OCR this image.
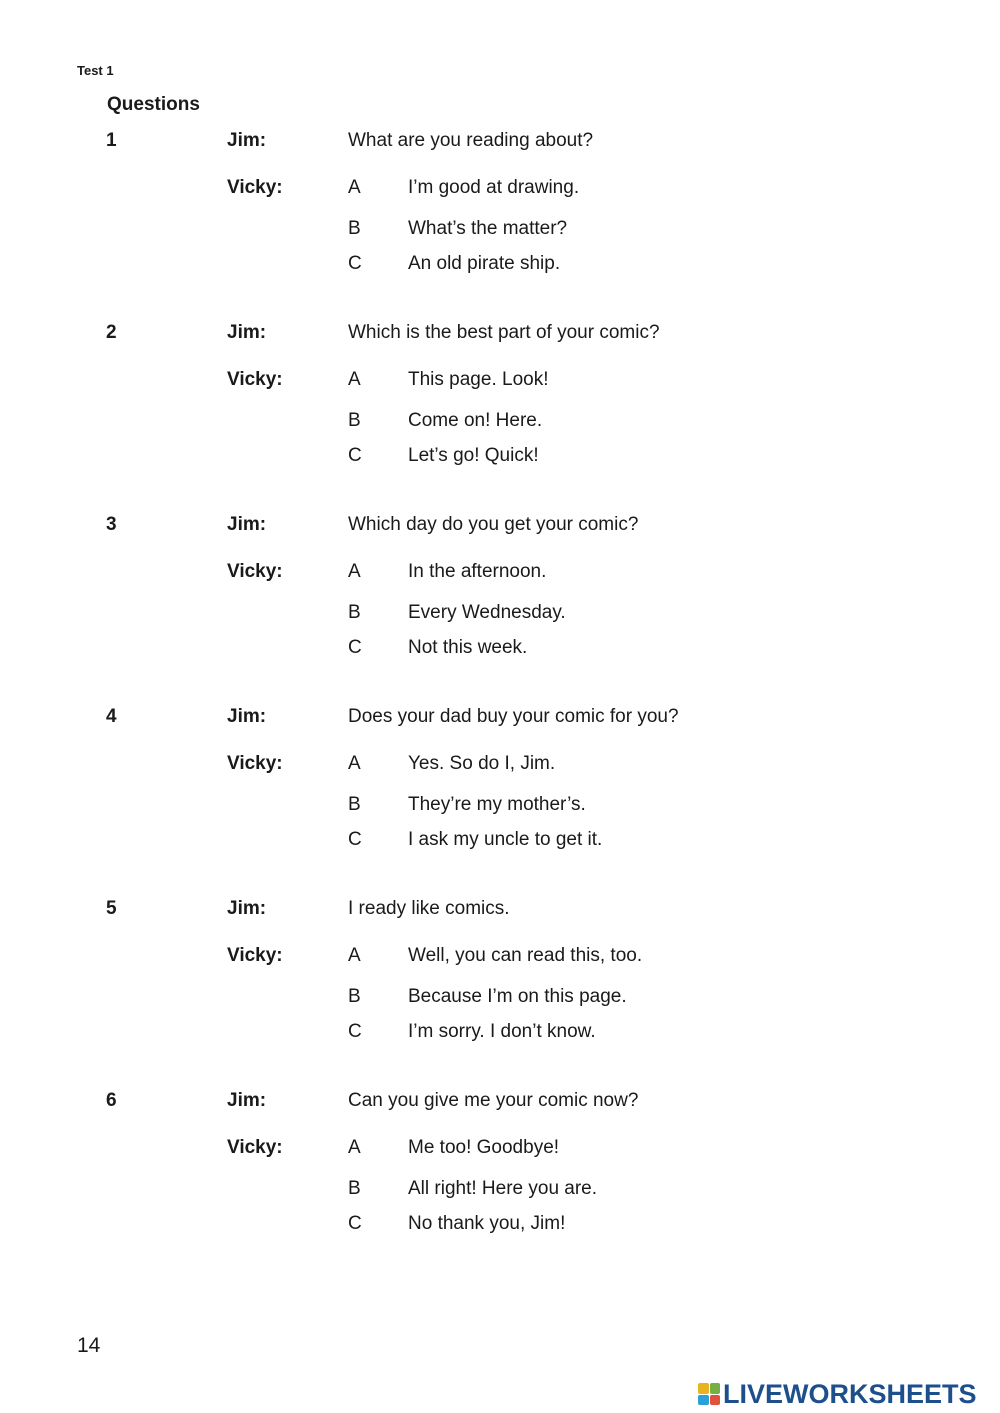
Test 1
Questions
1	Jim:	What are you reading about?
Vicky:	A I’m good at drawing.
B What’s the matter?
C An old pirate ship.
2	Jim:	Which is the best part of your comic?
Vicky:	A This page. Look!
B Come on! Here.
C Let’s go! Quick!
3	Jim:	Which day do you get your comic?
Vicky:	A In the afternoon.
B Every Wednesday.
C Not this week.
4	Jim:	Does your dad buy your comic for you?
Vicky:	A Yes. So do I, Jim.
B They’re my mother’s.
C I ask my uncle to get it.
5	Jim:	I ready like comics.
Vicky:	A Well, you can read this, too.
B Because I’m on this page.
C I’m sorry. I don’t know.
6	Jim:	Can you give me your comic now?
Vicky:	A Me too! Goodbye!
B All right! Here you are.
C No thank you, Jim!
14
LIVEWORKSHEETS
